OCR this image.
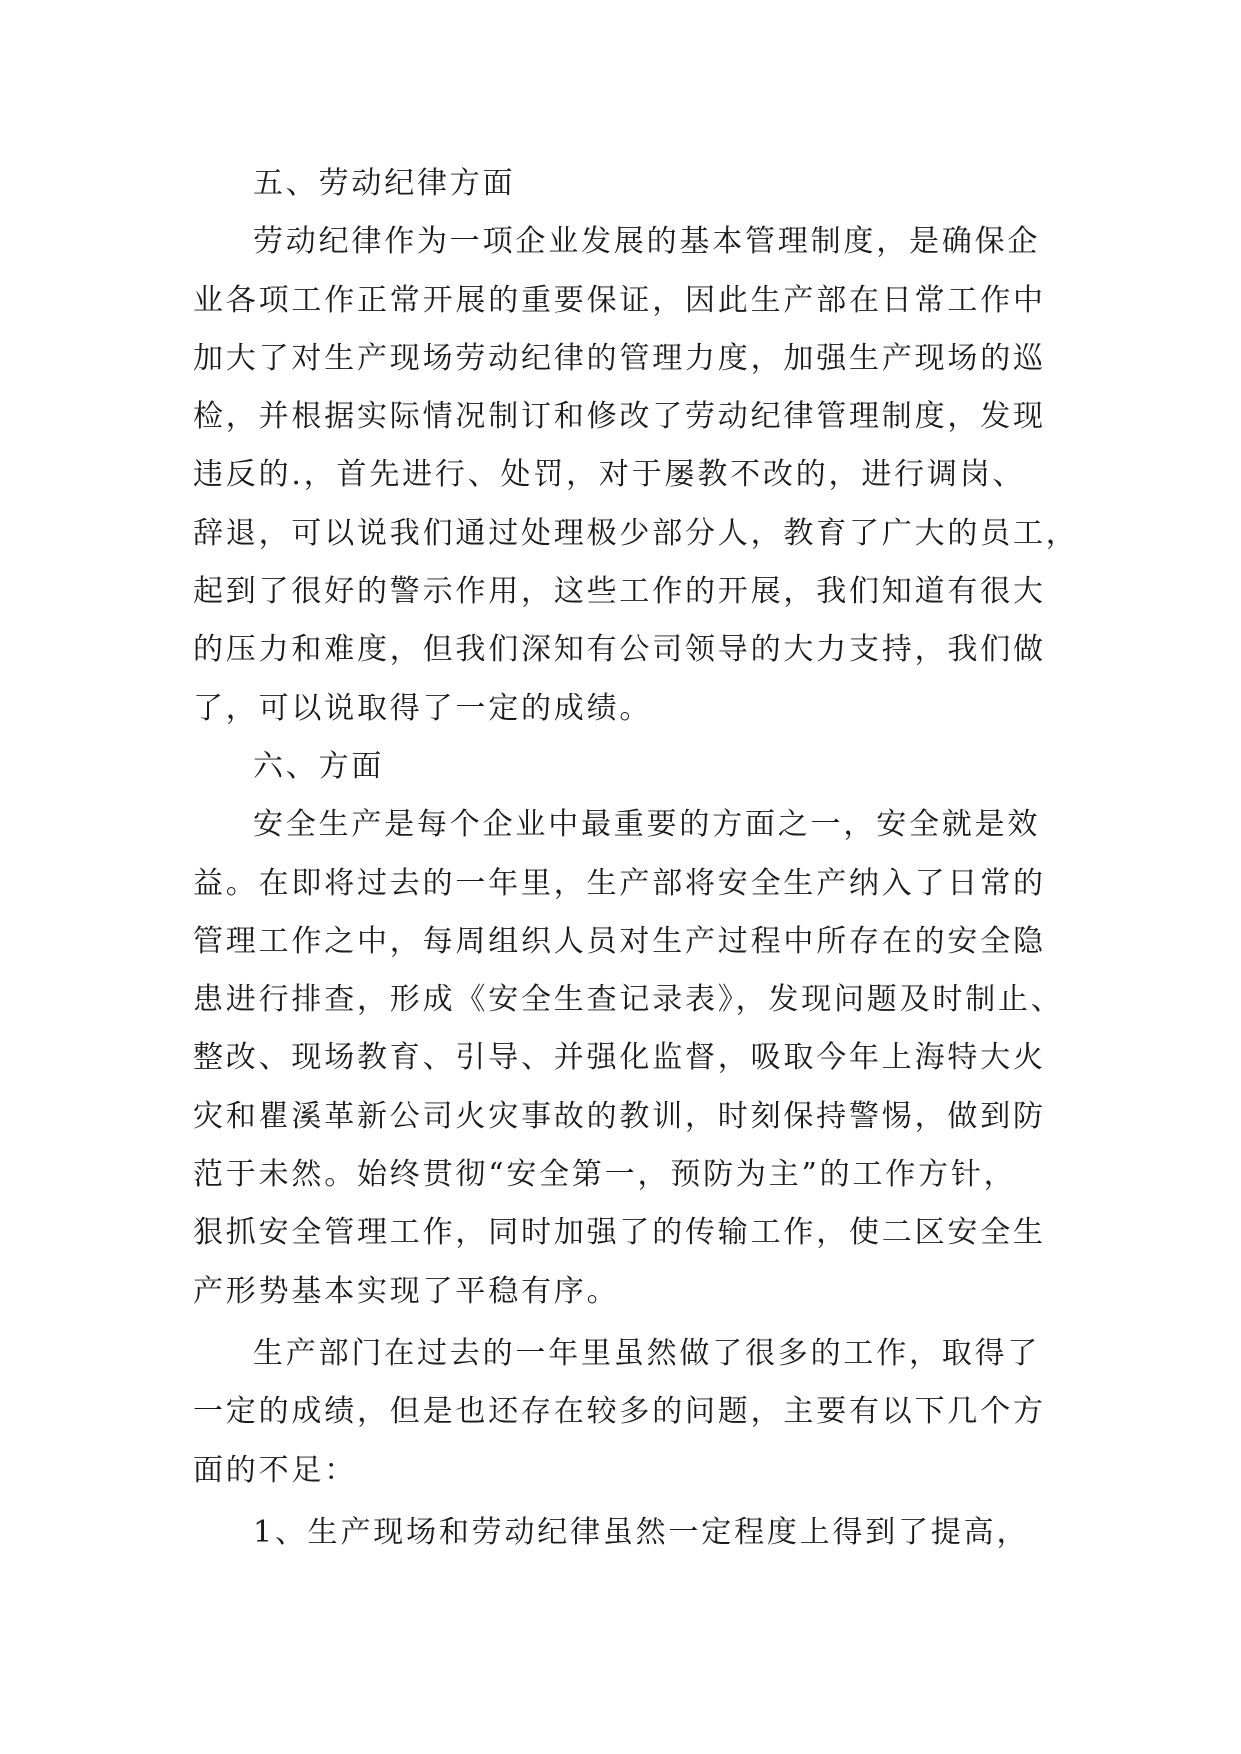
五、劳动纪律方面
劳动纪律作为一项企业发展的基本管理制度，是确保企
业各项工作正常开展的重要保证，因此生产部在日常工作中
加大了对生产现场劳动纪律的管理力度，加强生产现场的巡
检，并根据实际情况制订和修改了劳动纪律管理制度，发现
违反的.，首先进行、处罚，对于屡教不改的，进行调岗、
辞退，可以说我们通过处理极少部分人，教育了广大的员工，
起到了很好的警示作用，这些工作的开展，我们知道有很大
的压力和难度，但我们深知有公司领导的大力支持，我们做
了，可以说取得了一定的成绩。
六、方面
安全生产是每个企业中最重要的方面之一，安全就是效
益。在即将过去的一年里，生产部将安全生产纳入了日常的
管理工作之中，每周组织人员对生产过程中所存在的安全隐
患进行排查，形成《安全生查记录表》，发现问题及时制止、
整改、现场教育、引导、并强化监督，吸取今年上海特大火
灾和瞿溪革新公司火灾事故的教训，时刻保持警惕，做到防
范于未然。始终贯彻“安全第一，预防为主”的工作方针，
狠抓安全管理工作，同时加强了的传输工作，使二区安全生
产形势基本实现了平稳有序。
生产部门在过去的一年里虽然做了很多的工作，取得了
一定的成绩，但是也还存在较多的问题，主要有以下几个方
面的不足：
1、生产现场和劳动纪律虽然一定程度上得到了提高，
